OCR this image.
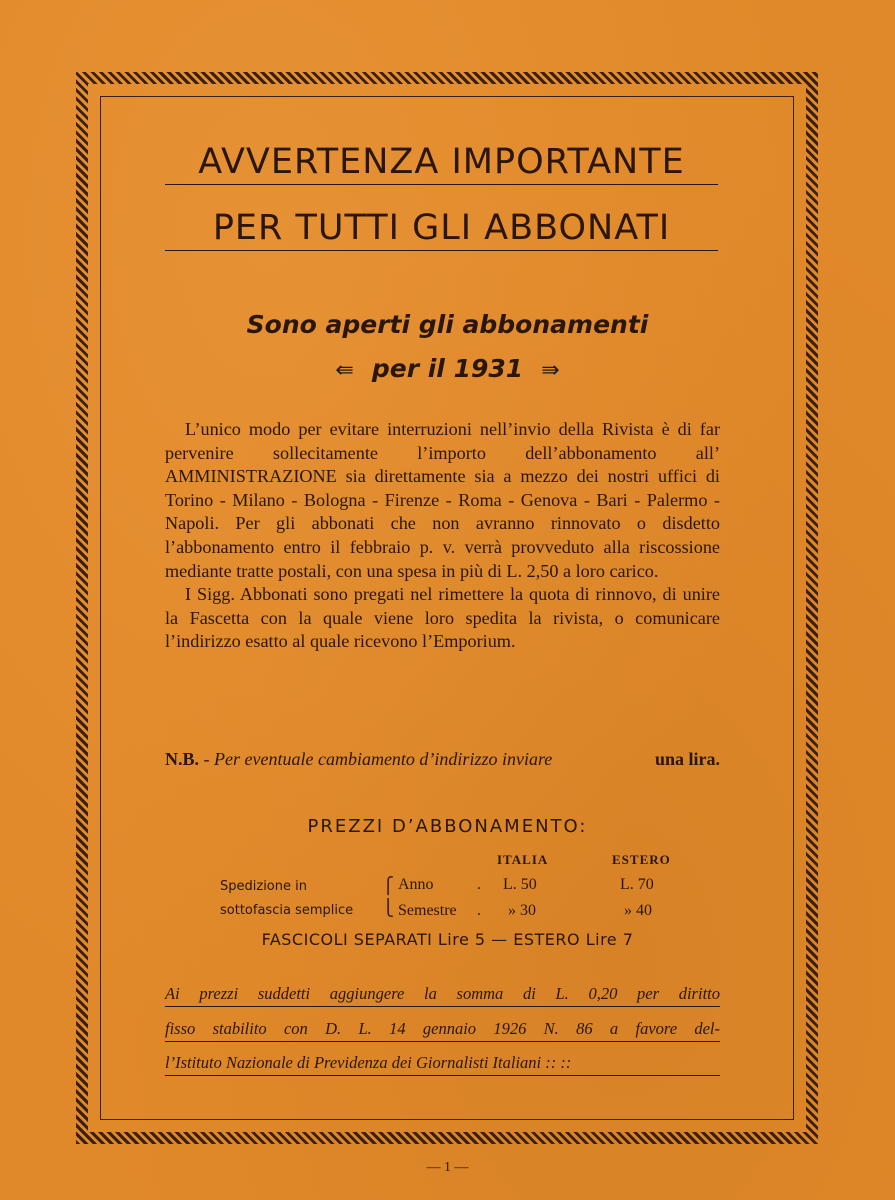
AVVERTENZA IMPORTANTE
PER TUTTI GLI ABBONATI
Sono aperti gli abbonamenti
⇚ per il 1931 ⇛

L’unico modo per evitare interruzioni nell’invio della Rivista è di far pervenire sollecitamente l’importo dell’abbonamento all’ AMMINISTRAZIONE sia direttamente sia a mezzo dei nostri uffici di Torino - Milano - Bologna - Firenze - Roma - Genova - Bari - Palermo - Napoli. Per gli abbonati che non avranno rinnovato o disdetto l’abbonamento entro il febbraio p. v. verrà provveduto alla riscossione mediante tratte postali, con una spesa in più di L. 2,50 a loro carico.

I Sigg. Abbonati sono pregati nel rimettere la quota di rinnovo, di unire la Fascetta con la quale viene loro spedita la rivista, o comunicare l’indirizzo esatto al quale ricevono l’Emporium.

N.B. - Per eventuale cambiamento d’indirizzo inviare	una lira.
PREZZI D’ABBONAMENTO:
ITALIA	ESTERO
Spedizione in
sottofascia semplice
⎧
⎩
Anno	. L. 50	L. 70
Semestre . » 30	» 40
FASCICOLI SEPARATI Lire 5 — ESTERO Lire 7
Ai prezzi suddetti aggiungere la somma di L. 0,20 per diritto
fisso stabilito con D. L. 14 gennaio 1926 N. 86 a favore del-
l’Istituto Nazionale di Previdenza dei Giornalisti Italiani :: ::
— 1 —
